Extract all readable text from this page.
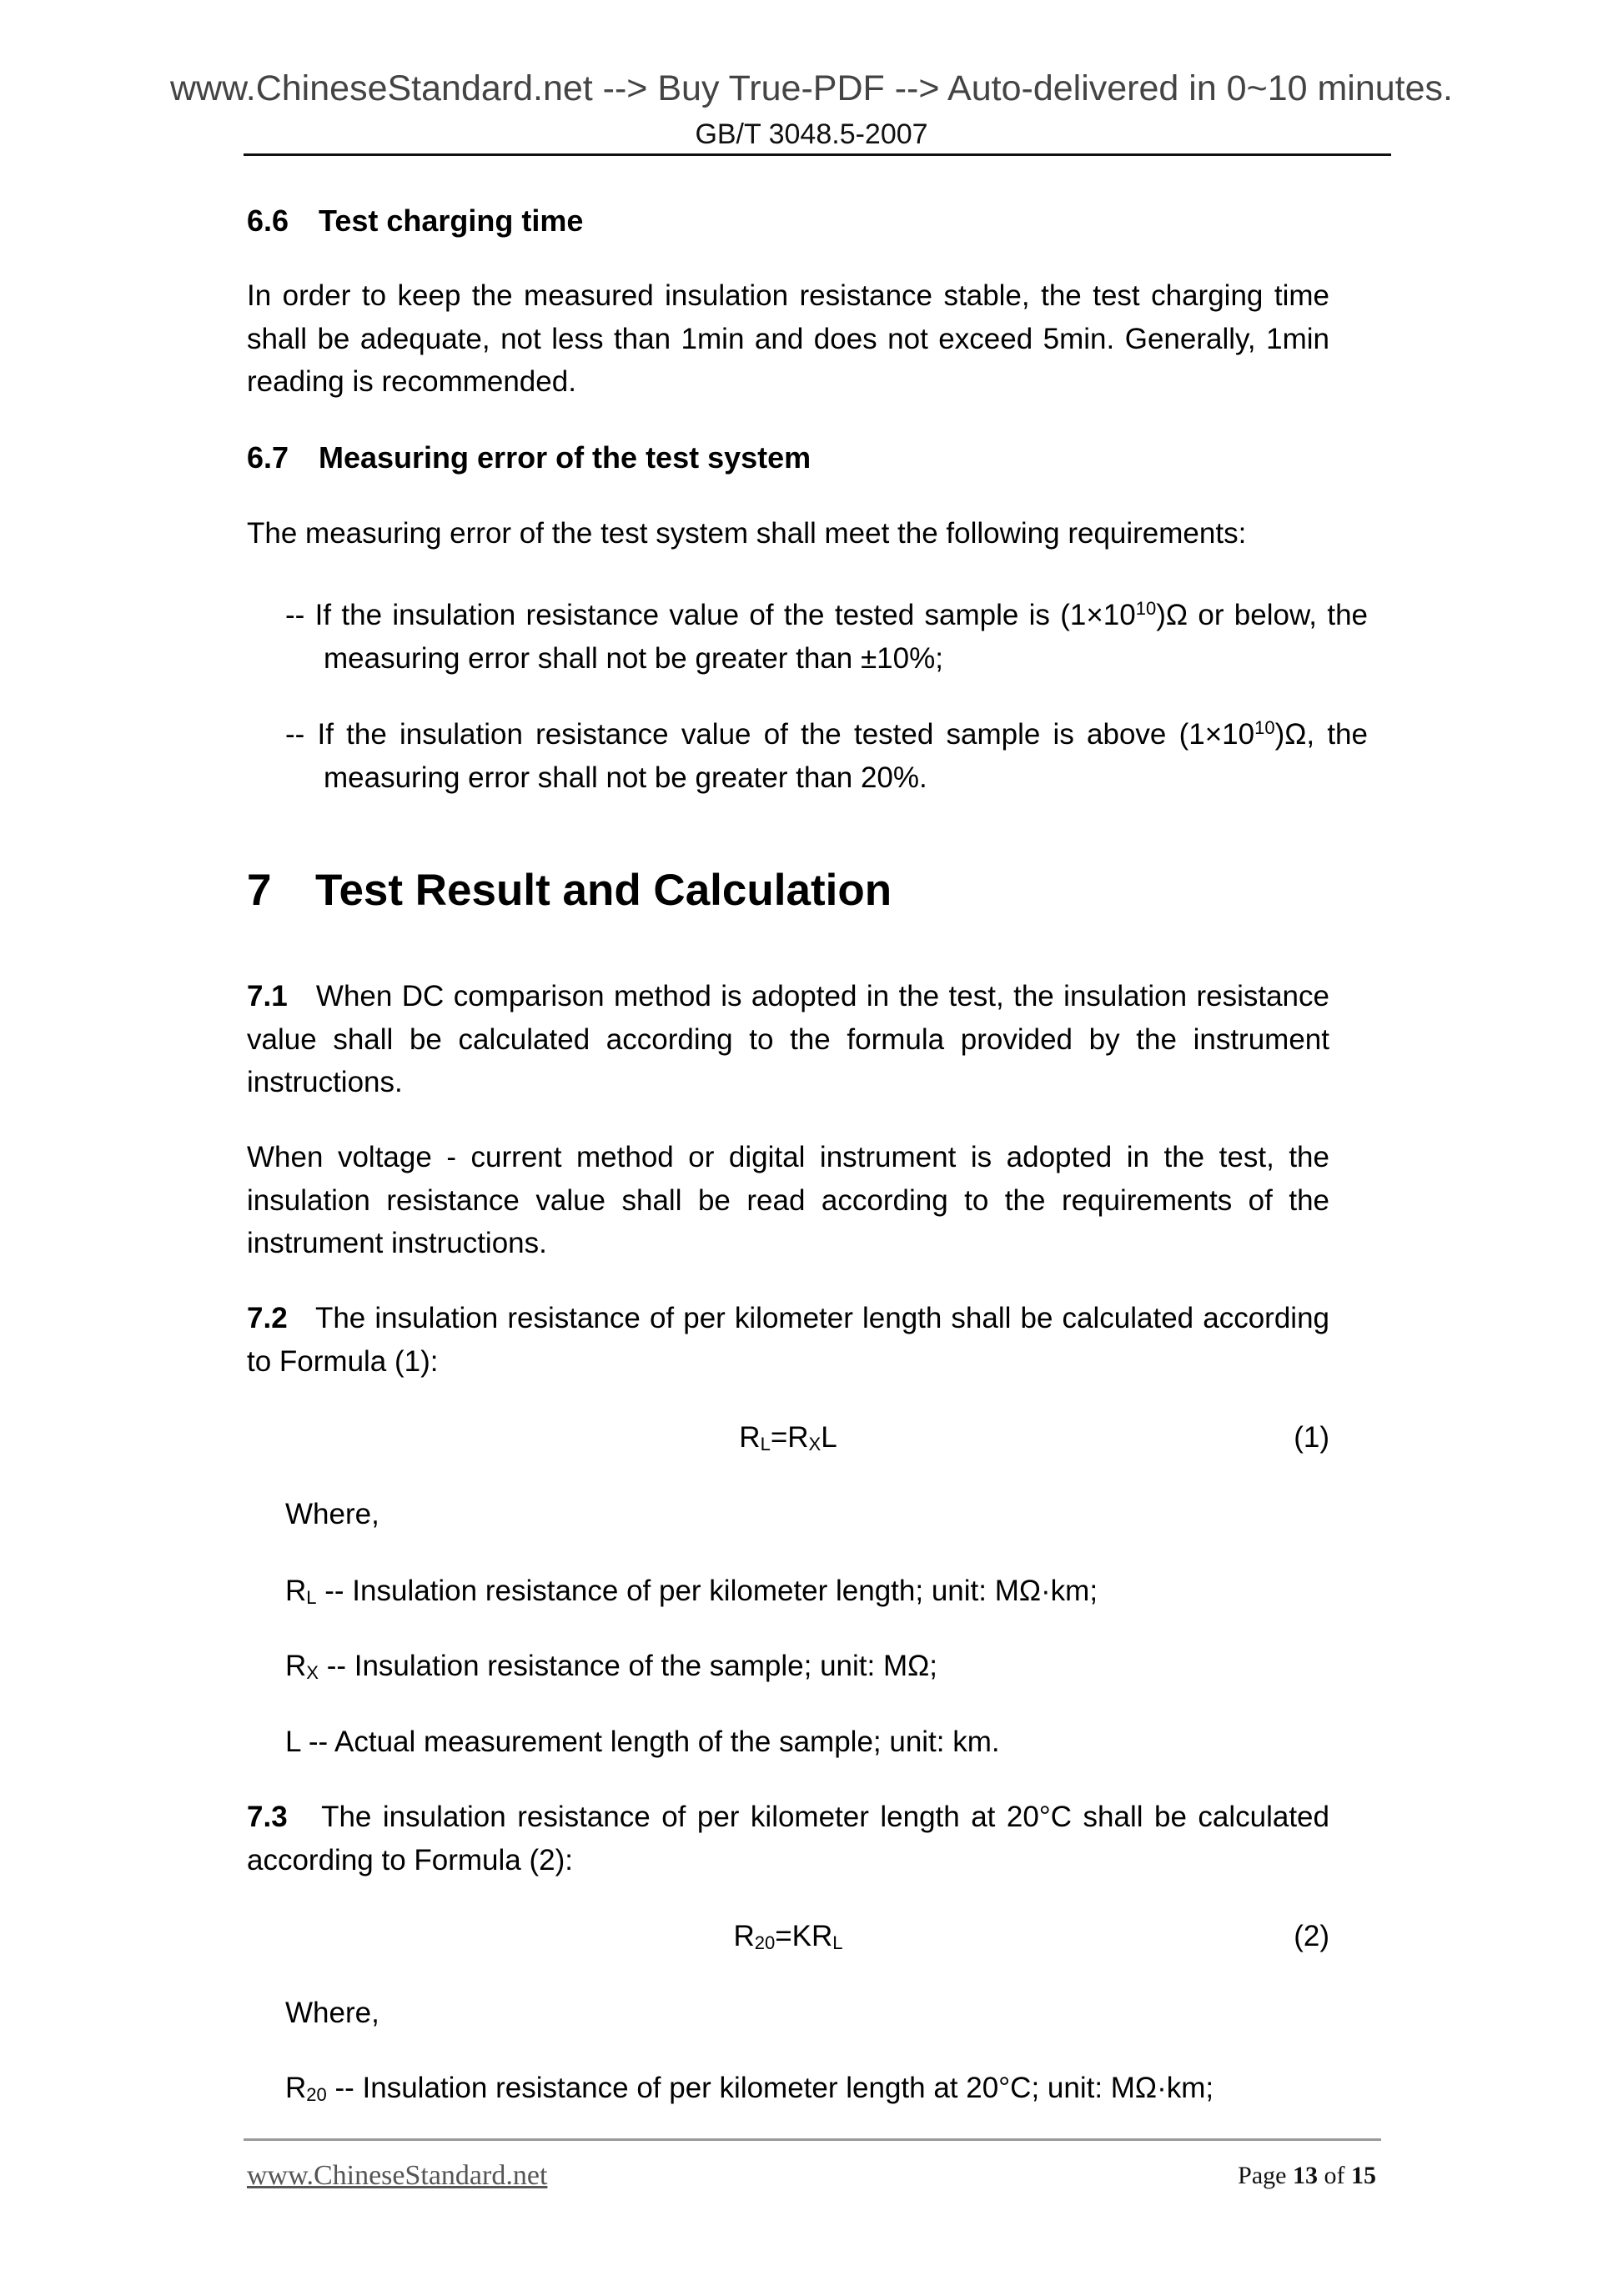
www.ChineseStandard.net --> Buy True-PDF --> Auto-delivered in 0~10 minutes.
GB/T 3048.5-2007
6.6 Test charging time
In order to keep the measured insulation resistance stable, the test charging time shall be adequate, not less than 1min and does not exceed 5min. Generally, 1min reading is recommended.
6.7 Measuring error of the test system
The measuring error of the test system shall meet the following requirements:
-- If the insulation resistance value of the tested sample is $(1\times 10^{10})\Omega$ or below, the measuring error shall not be greater than ±10%;
-- If the insulation resistance value of the tested sample is above $(1\times 10^{10})\Omega$, the measuring error shall not be greater than 20%.
7 Test Result and Calculation
7.1 When DC comparison method is adopted in the test, the insulation resistance value shall be calculated according to the formula provided by the instrument instructions.
When voltage - current method or digital instrument is adopted in the test, the insulation resistance value shall be read according to the requirements of the instrument instructions.
7.2 The insulation resistance of per kilometer length shall be calculated according to Formula (1):
$R_L=R_XL$	(1)
Where,
$R_L$ -- Insulation resistance of per kilometer length; unit: MΩ·km;
$R_X$ -- Insulation resistance of the sample; unit: MΩ;
L -- Actual measurement length of the sample; unit: km.
7.3 The insulation resistance of per kilometer length at 20°C shall be calculated according to Formula (2):
$R_{20}=KR_L$	(2)
Where,
$R_{20}$ -- Insulation resistance of per kilometer length at 20°C; unit: MΩ·km;
www.ChineseStandard.net	Page 13 of 15
